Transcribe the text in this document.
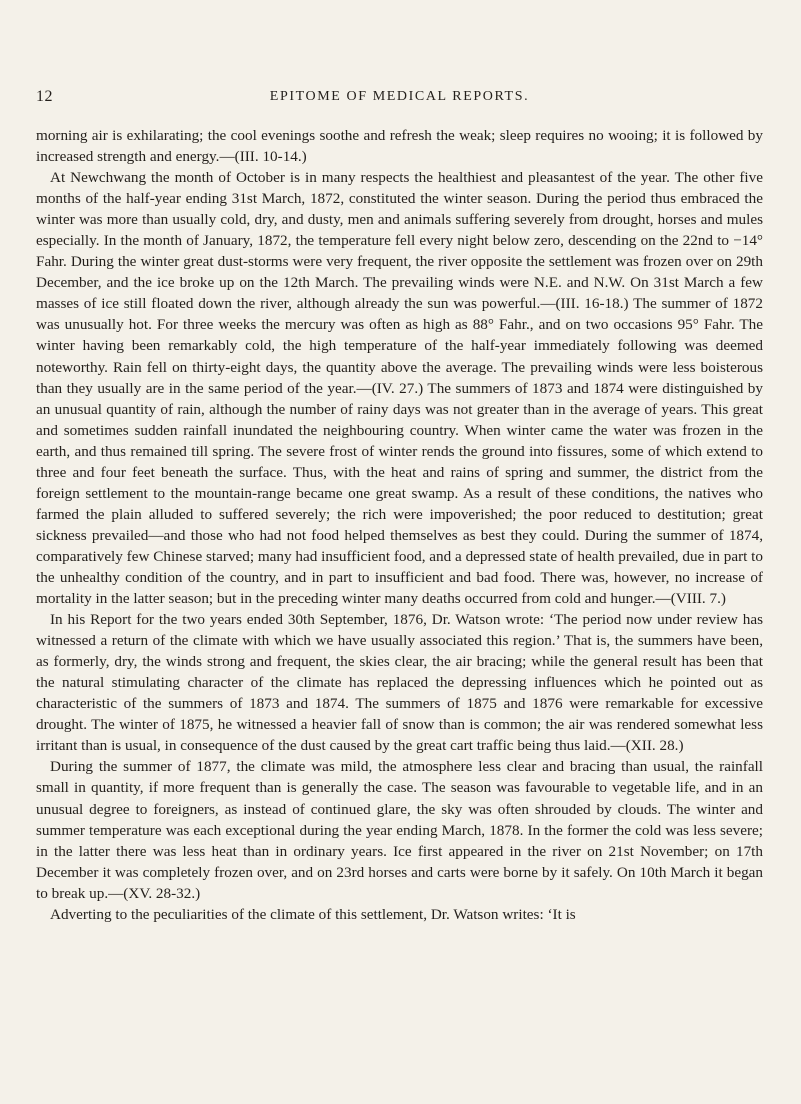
12	EPITOME OF MEDICAL REPORTS.

morning air is exhilarating; the cool evenings soothe and refresh the weak; sleep requires no wooing; it is followed by increased strength and energy.—(III. 10-14.)

At Newchwang the month of October is in many respects the healthiest and pleasantest of the year. The other five months of the half-year ending 31st March, 1872, constituted the winter season. During the period thus embraced the winter was more than usually cold, dry, and dusty, men and animals suffering severely from drought, horses and mules especially. In the month of January, 1872, the temperature fell every night below zero, descending on the 22nd to −14° Fahr. During the winter great dust-storms were very frequent, the river opposite the settlement was frozen over on 29th December, and the ice broke up on the 12th March. The prevailing winds were N.E. and N.W. On 31st March a few masses of ice still floated down the river, although already the sun was powerful.—(III. 16-18.) The summer of 1872 was unusually hot. For three weeks the mercury was often as high as 88° Fahr., and on two occasions 95° Fahr. The winter having been remarkably cold, the high temperature of the half-year immediately following was deemed noteworthy. Rain fell on thirty-eight days, the quantity above the average. The prevailing winds were less boisterous than they usually are in the same period of the year.—(IV. 27.) The summers of 1873 and 1874 were distinguished by an unusual quantity of rain, although the number of rainy days was not greater than in the average of years. This great and sometimes sudden rainfall inundated the neighbouring country. When winter came the water was frozen in the earth, and thus remained till spring. The severe frost of winter rends the ground into fissures, some of which extend to three and four feet beneath the surface. Thus, with the heat and rains of spring and summer, the district from the foreign settlement to the mountain-range became one great swamp. As a result of these conditions, the natives who farmed the plain alluded to suffered severely; the rich were impoverished; the poor reduced to destitution; great sickness prevailed—and those who had not food helped themselves as best they could. During the summer of 1874, comparatively few Chinese starved; many had insufficient food, and a depressed state of health prevailed, due in part to the unhealthy condition of the country, and in part to insufficient and bad food. There was, however, no increase of mortality in the latter season; but in the preceding winter many deaths occurred from cold and hunger.—(VIII. 7.)

In his Report for the two years ended 30th September, 1876, Dr. Watson wrote: ‘The period now under review has witnessed a return of the climate with which we have usually associated this region.’ That is, the summers have been, as formerly, dry, the winds strong and frequent, the skies clear, the air bracing; while the general result has been that the natural stimulating character of the climate has replaced the depressing influences which he pointed out as characteristic of the summers of 1873 and 1874. The summers of 1875 and 1876 were remarkable for excessive drought. The winter of 1875, he witnessed a heavier fall of snow than is common; the air was rendered somewhat less irritant than is usual, in consequence of the dust caused by the great cart traffic being thus laid.—(XII. 28.)

During the summer of 1877, the climate was mild, the atmosphere less clear and bracing than usual, the rainfall small in quantity, if more frequent than is generally the case. The season was favourable to vegetable life, and in an unusual degree to foreigners, as instead of continued glare, the sky was often shrouded by clouds. The winter and summer temperature was each exceptional during the year ending March, 1878. In the former the cold was less severe; in the latter there was less heat than in ordinary years. Ice first appeared in the river on 21st November; on 17th December it was completely frozen over, and on 23rd horses and carts were borne by it safely. On 10th March it began to break up.—(XV. 28-32.)

Adverting to the peculiarities of the climate of this settlement, Dr. Watson writes: ‘It is
